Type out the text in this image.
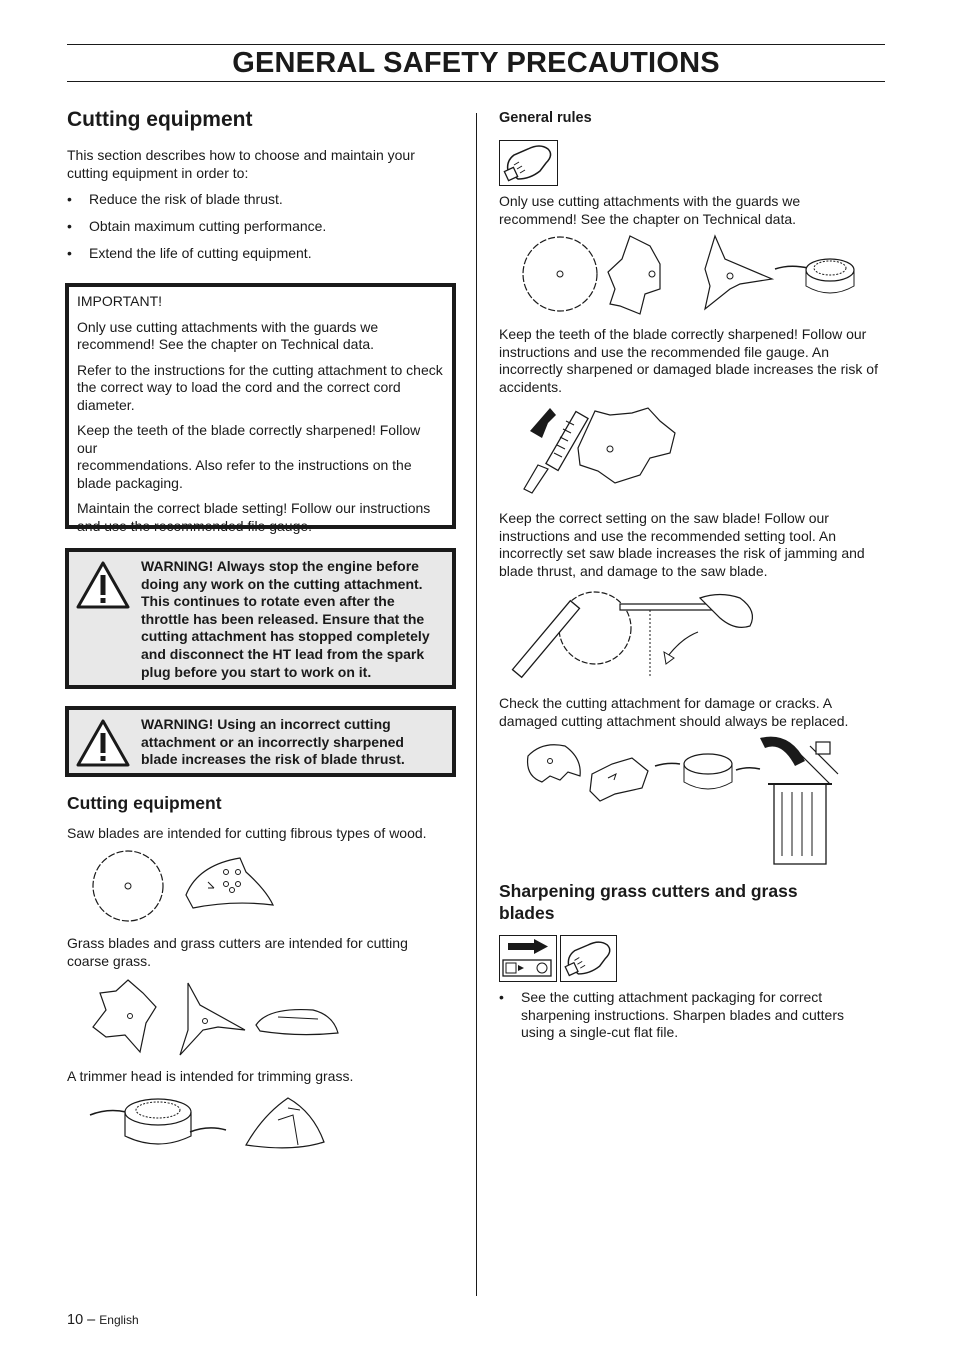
GENERAL SAFETY PRECAUTIONS
Cutting equipment
This section describes how to choose and maintain your
cutting equipment in order to:
• Reduce the risk of blade thrust.
• Obtain maximum cutting performance.
• Extend the life of cutting equipment.

IMPORTANT!

Only use cutting attachments with the guards we
recommend! See the chapter on Technical data.

Refer to the instructions for the cutting attachment to check
the correct way to load the cord and the correct cord
diameter.

Keep the teeth of the blade correctly sharpened! Follow our
recommendations. Also refer to the instructions on the
blade packaging.

Maintain the correct blade setting! Follow our instructions
and use the recommended file gauge.

WARNING! Always stop the engine before
doing any work on the cutting attachment.
This continues to rotate even after the
throttle has been released. Ensure that the
cutting attachment has stopped completely
and disconnect the HT lead from the spark
plug before you start to work on it.
WARNING! Using an incorrect cutting
attachment or an incorrectly sharpened
blade increases the risk of blade thrust.
Cutting equipment
Saw blades are intended for cutting fibrous types of wood.
Grass blades and grass cutters are intended for cutting
coarse grass.
A trimmer head is intended for trimming grass.
General rules
Only use cutting attachments with the guards we
recommend! See the chapter on Technical data.
Keep the teeth of the blade correctly sharpened! Follow our
instructions and use the recommended file gauge. An
incorrectly sharpened or damaged blade increases the risk of
accidents.
Keep the correct setting on the saw blade! Follow our
instructions and use the recommended setting tool. An
incorrectly set saw blade increases the risk of jamming and
blade thrust, and damage to the saw blade.
Check the cutting attachment for damage or cracks. A
damaged cutting attachment should always be replaced.
Sharpening grass cutters and grass
blades
• See the cutting attachment packaging for correct
sharpening instructions. Sharpen blades and cutters
using a single-cut flat file.
10 – English
